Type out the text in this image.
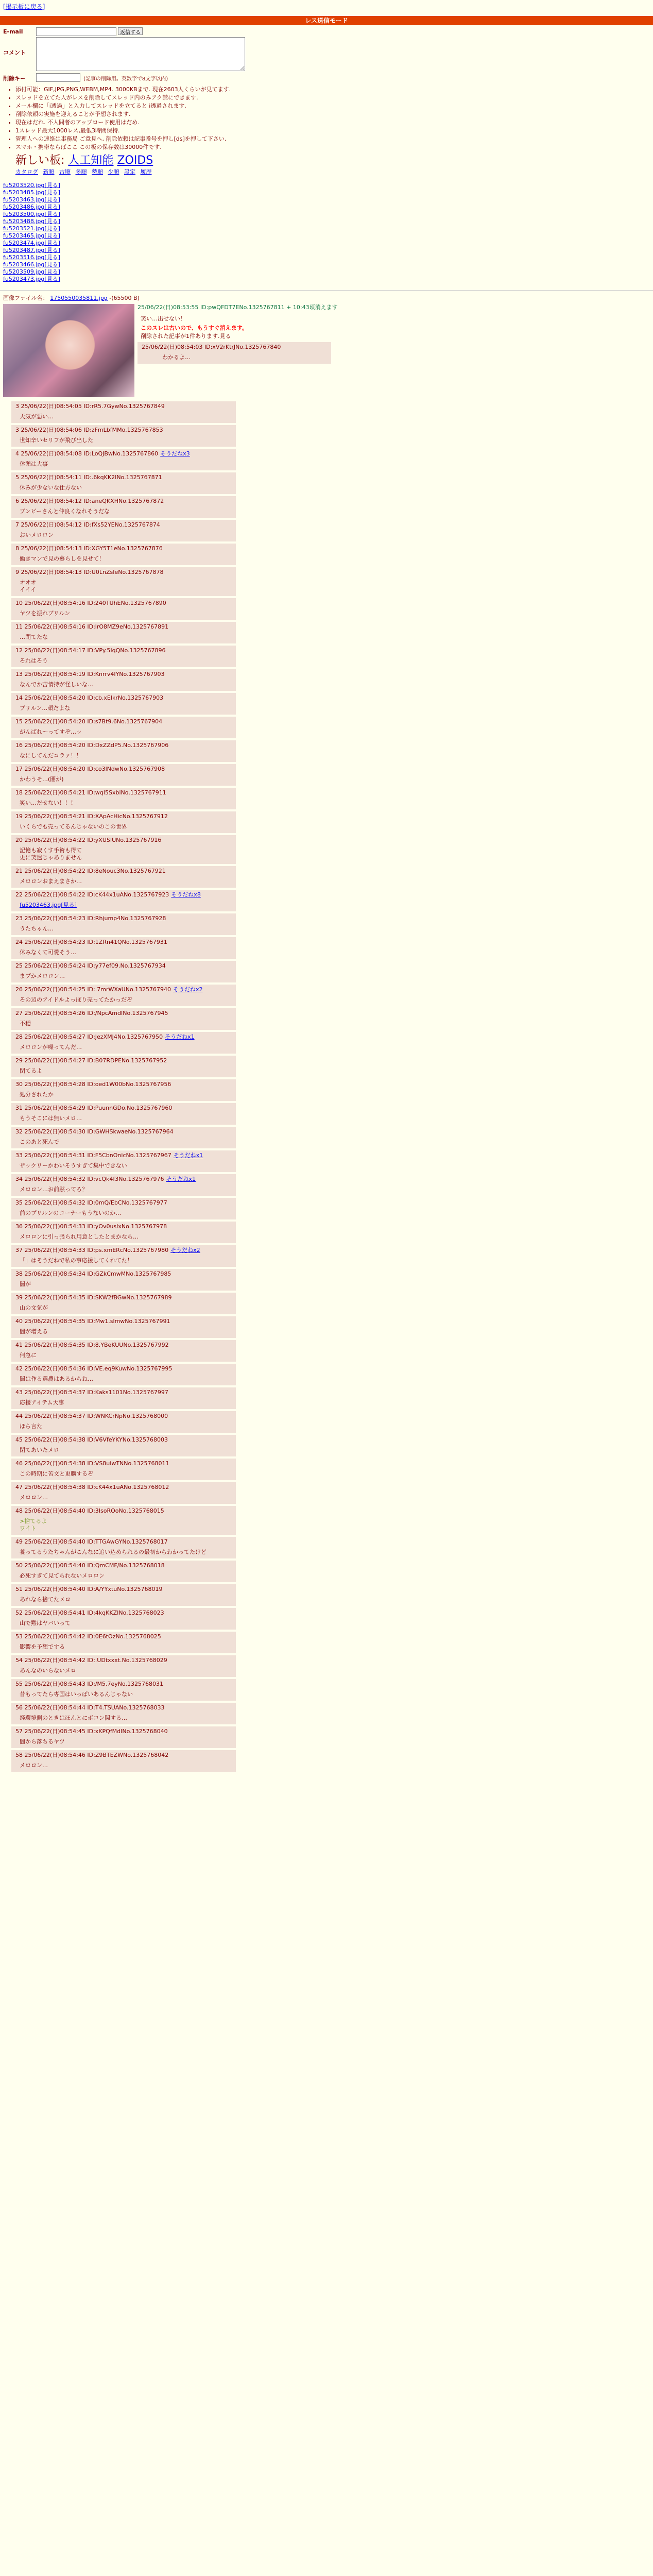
[掲示板に戻る]
レス送信モード
E-mail	返信する
コメント
削除キー	(記事の削除用。英数字で8文字以内)
• 添付可能：GIF,JPG,PNG,WEBM,MP4. 3000KBまで. 現在2603人くらいが見てます.
• スレッドを立てた人がレスを削除してスレッド内のみアク禁にできます.
• メール欄に「i透過」と入力してスレッドを立てると i透過されます.
• 削除依頼の実施を迎えることが予想されます.
• 現在はだれ. 不人間者のアップロード使用はだめ.
• 1スレッド最大1000レス,最低3時間保持.
• 管理人への連絡は事務局 ご意見へ, 削除依頼は記事番号を押し[ds]を押して下さい.
• スマホ・携帯ならばここ この板の保存数は30000件です.
新しい板: 人工知能 ZOIDS
カタログ 新順 古順 多順 勢順 少順 設定 履歴
fu5203520.jpg[見る]
fu5203485.jpg[見る]
fu5203463.jpg[見る]
fu5203486.jpg[見る]
fu5203500.jpg[見る]
fu5203488.jpg[見る]
fu5203521.jpg[見る]
fu5203465.jpg[見る]
fu5203474.jpg[見る]
fu5203487.jpg[見る]
fu5203516.jpg[見る]
fu5203466.jpg[見る]
fu5203509.jpg[見る]
fu5203473.jpg[見る]
画像ファイル名： 1750550035811.jpg -(65500 B)
25/06/22(日)08:53:55 ID:pwQFDT7ENo.1325767811 + 10:43頃消えます
笑い…出せない！
このスレは古いので、もうすぐ消えます。
削除された記事が1件あります.見る
25/06/22(日)08:54:03 ID:xV2rKtrJNo.1325767840
わかるよ…
3 25/06/22(日)08:54:05 ID:rR5.7GywNo.1325767849
天気が悪い…
3 25/06/22(日)08:54:06 ID:zFmLbfMMo.1325767853
世知辛いセリフが飛び出した
4 25/06/22(日)08:54:08 ID:LoQJBwNo.1325767860 そうだねx3
休憩は大事
5 25/06/22(日)08:54:11 ID:.6kqKK2INo.1325767871
休みが少ないな仕方ない
6 25/06/22(日)08:54:12 ID:aneQKXHNo.1325767872
ブンビーさんと仲良くなれそうだな
7 25/06/22(日)08:54:12 ID:fXs52YENo.1325767874
おいメロロン
8 25/06/22(日)08:54:13 ID:XGY5T1eNo.1325767876
働きマンで見の暮らしを見せて！
9 25/06/22(日)08:54:13 ID:U0LnZsIeNo.1325767878
オオオ
イイイ
10 25/06/22(日)08:54:16 ID:240TUhENo.1325767890
ヤツを振れブリルン
11 25/06/22(日)08:54:16 ID:lrO8MZ9eNo.1325767891
…閉てたな
12 25/06/22(日)08:54:17 ID:VPy.5IqQNo.1325767896
それはそう
13 25/06/22(日)08:54:19 ID:Knrrv4IYNo.1325767903
なんでか苦情持が怪しいな…
14 25/06/22(日)08:54:20 ID:cb.xEIkrNo.1325767903
ブリルン…頑だよな
15 25/06/22(日)08:54:20 ID:s7Bt9.6No.1325767904
がんばれ～ってすぞ…ッ
16 25/06/22(日)08:54:20 ID:DxZZdP5.No.1325767906
なにしてんだコラァ！！
17 25/06/22(日)08:54:20 ID:co3lNdwNo.1325767908
かわうそ…(闇が)
18 25/06/22(日)08:54:21 ID:wqI5SxbiNo.1325767911
笑い…だせない！！！
19 25/06/22(日)08:54:21 ID:XApAcHicNo.1325767912
いくらでも売ってるんじゃないのこの世界
20 25/06/22(日)08:54:22 ID:yXUSIUNo.1325767916
記憶も寂くす手術も得て
更に笑遣じゃありません
21 25/06/22(日)08:54:22 ID:8eNouc3No.1325767921
メロロンおまえまさか…
22 25/06/22(日)08:54:22 ID:cK44x1uANo.1325767923 そうだねx8
fu5203463.jpg[見る]
23 25/06/22(日)08:54:23 ID:Rhjump4No.1325767928
うたちゃん…
24 25/06/22(日)08:54:23 ID:1ZRn41QNo.1325767931
休みなくて可愛そう…
25 25/06/22(日)08:54:24 ID:y77ef09.No.1325767934
まプかメロロン…
26 25/06/22(日)08:54:25 ID:.7mrWXaUNo.1325767940 そうだねx2
その辺のアイドルよっぽり売ってたかっだぞ
27 25/06/22(日)08:54:26 ID:/NpcAmdINo.1325767945
不穏
28 25/06/22(日)08:54:27 ID:JezXMJ4No.1325767950 そうだねx1
メロロンが喋ってんだ…
29 25/06/22(日)08:54:27 ID:B07RDPENo.1325767952
閉てるよ
30 25/06/22(日)08:54:28 ID:oed1W00bNo.1325767956
処分されたか
31 25/06/22(日)08:54:29 ID:PuunnGDo.No.1325767960
もうそこには無いメロ…
32 25/06/22(日)08:54:30 ID:GWHSkwaeNo.1325767964
このあと死んで
33 25/06/22(日)08:54:31 ID:F5CbnOnicNo.1325767967 そうだねx1
ザックリーかわいそうすぎて集中できない
34 25/06/22(日)08:54:32 ID:vcQk4f3No.1325767976 そうだねx1
メロロン…お前黙ってろ？
35 25/06/22(日)08:54:32 ID:0mQ/EbCNo.1325767977
前のプリルンのコーナーもうないのか…
36 25/06/22(日)08:54:33 ID:yOv0usIxNo.1325767978
メロロンに引っ張られ用意としたとまかなら…
37 25/06/22(日)08:54:33 ID:ps.xmERcNo.1325767980 そうだねx2
「」はそうだねで私の事応援してくれてた！
38 25/06/22(日)08:54:34 ID:GZkCmwMNo.1325767985
闇が
39 25/06/22(日)08:54:35 ID:SKW2fBGwNo.1325767989
山の文気が
40 25/06/22(日)08:54:35 ID:Mw1.slmwNo.1325767991
闇が増える
41 25/06/22(日)08:54:35 ID:8.YBeKUUNo.1325767992
何急に
42 25/06/22(日)08:54:36 ID:VE.eq9KuwNo.1325767995
闇は作る選農はあるからね…
43 25/06/22(日)08:54:37 ID:Kaks1101No.1325767997
応援アイテム大事
44 25/06/22(日)08:54:37 ID:WNKCrNpNo.1325768000
ほら言た
45 25/06/22(日)08:54:38 ID:V6VfeYKYNo.1325768003
閉てあいたメロ
46 25/06/22(日)08:54:38 ID:VS8uiwTNNo.1325768011
この時期に苦文と更購するぞ
47 25/06/22(日)08:54:38 ID:cK44x1uANo.1325768012
メロロン…
48 25/06/22(日)08:54:40 ID:3IsoROoNo.1325768015
>捨てるよ
ワイト
49 25/06/22(日)08:54:40 ID:TTGAwGYNo.1325768017
養ってるうたちゃんがこんなに追い込められるの最初からわかってたけど
50 25/06/22(日)08:54:40 ID:QmCMF/No.1325768018
必死すぎて見てられないメロロン
51 25/06/22(日)08:54:40 ID:A/YYxtuNo.1325768019
あれなら捨てたメロ
52 25/06/22(日)08:54:41 ID:4kqKKZINo.1325768023
山で黙はヤバいって
53 25/06/22(日)08:54:42 ID:0E6tOzNo.1325768025
影響を予想でする
54 25/06/22(日)08:54:42 ID:.UDtxxxt.No.1325768029
あんなのいらないメロ
55 25/06/22(日)08:54:43 ID:/M5.7eyNo.1325768031
昔もってたら専国はいっぱいあるんじゃない
56 25/06/22(日)08:54:44 ID:T4.TSUANo.1325768033
経環境側のときはほんとにボコン関する…
57 25/06/22(日)08:54:45 ID:xKPQfMdINo.1325768040
闇から落ちるヤツ
58 25/06/22(日)08:54:46 ID:Z9BTEZWNo.1325768042
メロロン…
